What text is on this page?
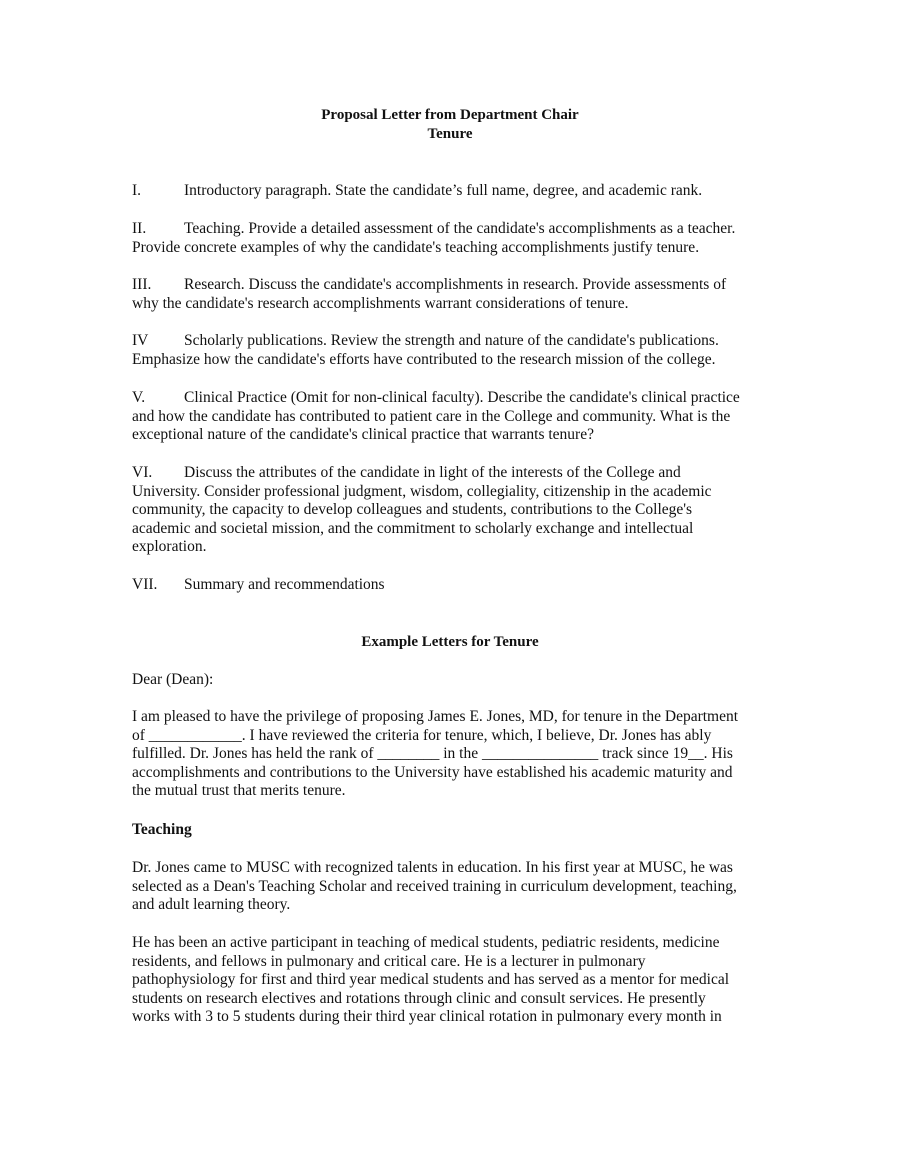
Proposal Letter from Department Chair
Tenure
I.	Introductory paragraph. State the candidate’s full name, degree, and academic rank.
II. Teaching. Provide a detailed assessment of the candidate's accomplishments as a teacher.
Provide concrete examples of why the candidate's teaching accomplishments justify tenure.
III. Research. Discuss the candidate's accomplishments in research. Provide assessments of
why the candidate's research accomplishments warrant considerations of tenure.
IV Scholarly publications. Review the strength and nature of the candidate's publications.
Emphasize how the candidate's efforts have contributed to the research mission of the college.
V.	Clinical Practice (Omit for non-clinical faculty). Describe the candidate's clinical practice
and how the candidate has contributed to patient care in the College and community. What is the
exceptional nature of the candidate's clinical practice that warrants tenure?
VI. Discuss the attributes of the candidate in light of the interests of the College and
University. Consider professional judgment, wisdom, collegiality, citizenship in the academic
community, the capacity to develop colleagues and students, contributions to the College's
academic and societal mission, and the commitment to scholarly exchange and intellectual
exploration.
VII. Summary and recommendations
Example Letters for Tenure
Dear (Dean):
I am pleased to have the privilege of proposing James E. Jones, MD, for tenure in the Department
of ____________. I have reviewed the criteria for tenure, which, I believe, Dr. Jones has ably
fulfilled. Dr. Jones has held the rank of ________ in the _______________ track since 19__. His
accomplishments and contributions to the University have established his academic maturity and
the mutual trust that merits tenure.
Teaching
Dr. Jones came to MUSC with recognized talents in education. In his first year at MUSC, he was
selected as a Dean's Teaching Scholar and received training in curriculum development, teaching,
and adult learning theory.
He has been an active participant in teaching of medical students, pediatric residents, medicine
residents, and fellows in pulmonary and critical care. He is a lecturer in pulmonary
pathophysiology for first and third year medical students and has served as a mentor for medical
students on research electives and rotations through clinic and consult services. He presently
works with 3 to 5 students during their third year clinical rotation in pulmonary every month in
